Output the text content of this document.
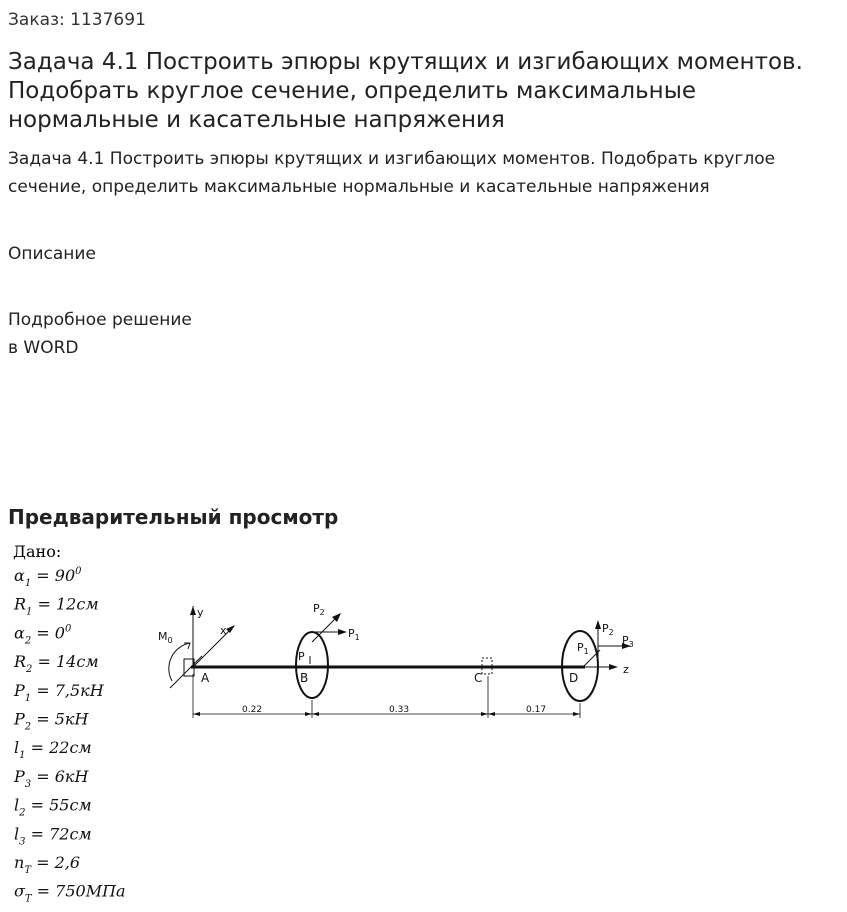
Заказ: 1137691
Задача 4.1 Построить эпюры крутящих и изгибающих моментов. Подобрать круглое сечение, определить максимальные нормальные и касательные напряжения
Задача 4.1 Построить эпюры крутящих и изгибающих моментов. Подобрать круглое сечение, определить максимальные нормальные и касательные напряжения
Описание
Подробное решение
в WORD
Предварительный просмотр
Дано:
$\alpha_1 = 90^0$
$R_1 = 12см$
$\alpha_2 = 0^0$
$R_2 = 14см$
$P_1 = 7,5кН$
$P_2 = 5кН$
$l_1 = 22см$
$P_3 = 6кН$
$l_2 = 55см$
$l_3 = 72см$
$n_T = 2,6$
$\sigma_T = 750МПа$
y
x
z
$M_0$
A	B	C	D
$P_2$
$P_1$
P
$P_2$
$P_3$
$P_1$
0.22	0.33	0.17
